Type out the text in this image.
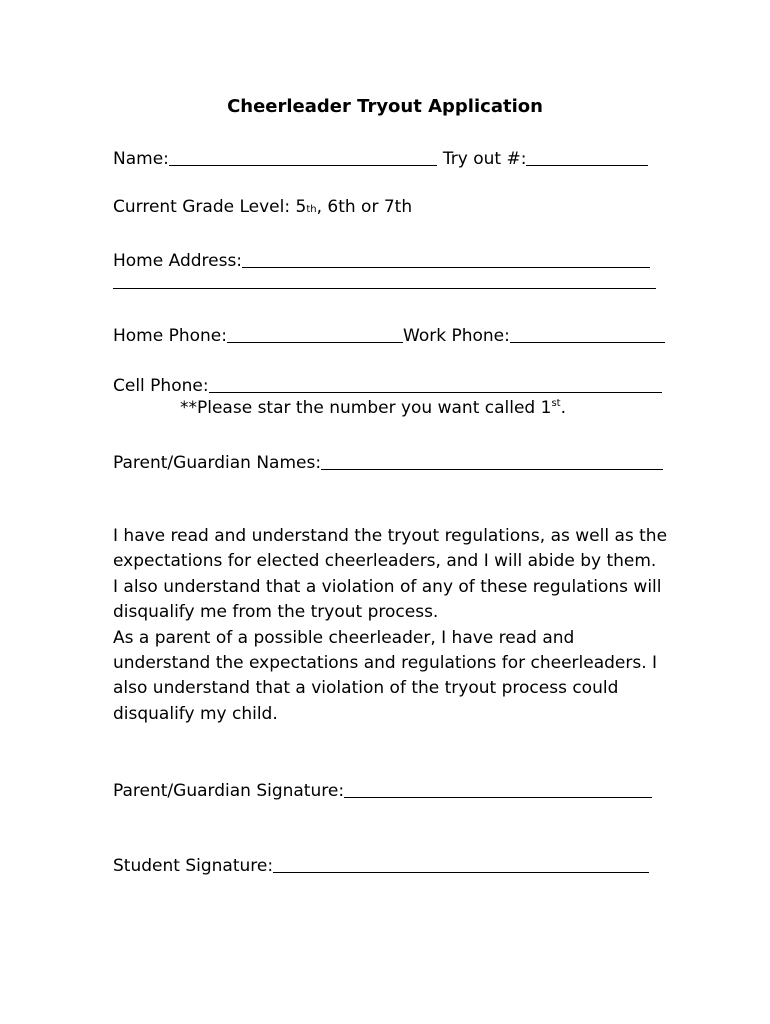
Cheerleader Tryout Application
Name:	Try out #:
Current Grade Level: 5 th , 6th or 7th
Home Address:
Home Phone:	Work Phone:
Cell Phone:
**Please star the number you want called 1st.
Parent/Guardian Names:
I have read and understand the tryout regulations, as well as the
expectations for elected cheerleaders, and I will abide by them.
I also understand that a violation of any of these regulations will
disqualify me from the tryout process.
As a parent of a possible cheerleader, I have read and
understand the expectations and regulations for cheerleaders. I
also understand that a violation of the tryout process could
disqualify my child.
Parent/Guardian Signature:
Student Signature:
